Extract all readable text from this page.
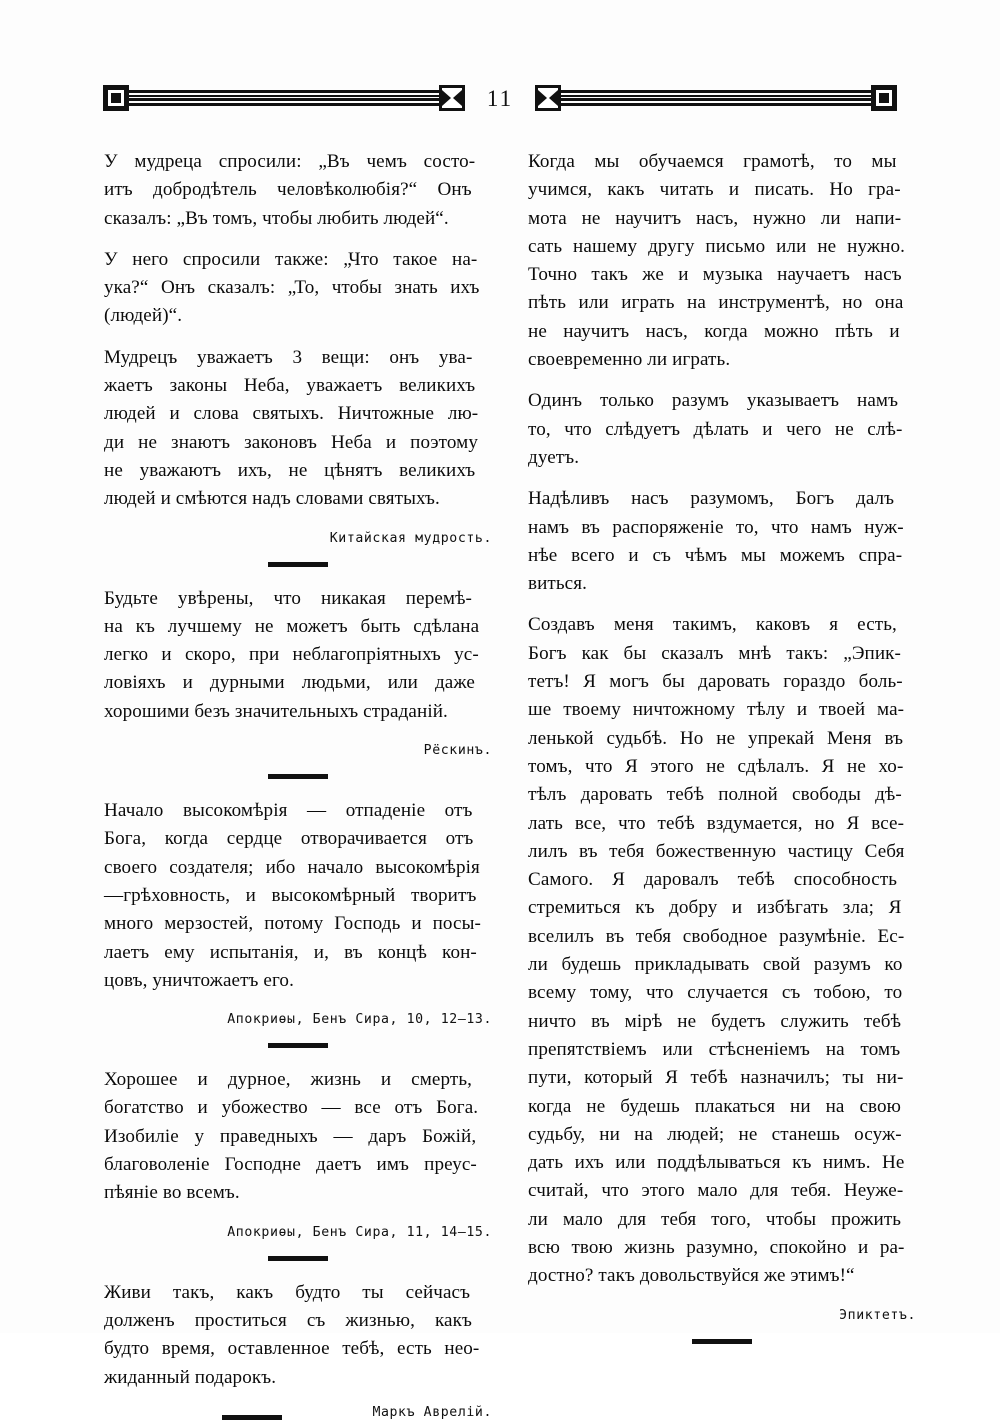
11
У мудреца спросили: „Въ чемъ состо-
итъ добродѣтель человѣколюбія?“ Онъ
сказалъ: „Въ томъ, чтобы любить людей“.
У него спросили также: „Что такое на-
ука?“ Онъ сказалъ: „То, чтобы знать ихъ
(людей)“.
Мудрецъ уважаетъ 3 вещи: онъ ува-
жаетъ законы Неба, уважаетъ великихъ
людей и слова святыхъ. Ничтожные лю-
ди не знаютъ законовъ Неба и поэтому
не уважаютъ ихъ, не цѣнятъ великихъ
людей и смѣются надъ словами святыхъ.
Китайская мудрость.
Будьте увѣрены, что никакая перемѣ-
на къ лучшему не можетъ быть сдѣлана
легко и скоро, при неблагопріятныхъ ус-
ловіяхъ и дурными людьми, или даже
хорошими безъ значительныхъ страданій.
Рёскинъ.
Начало высокомѣрія — отпаденіе отъ
Бога, когда сердце отворачивается отъ
своего создателя; ибо начало высокомѣрія
—грѣховность, и высокомѣрный творитъ
много мерзостей, потому Господь и посы-
лаетъ ему испытанія, и, въ концѣ кон-
цовъ, уничтожаетъ его.
Апокриѳы, Бенъ Сира, 10, 12—13.
Хорошее и дурное, жизнь и смерть,
богатство и убожество — все отъ Бога.
Изобиліе у праведныхъ — даръ Божій,
благоволеніе Господне даетъ имъ преус-
пѣяніе во всемъ.
Апокриѳы, Бенъ Сира, 11, 14—15.
Живи такъ, какъ будто ты сейчасъ
долженъ проститься съ жизнью, какъ
будто время, оставленное тебѣ, есть нео-
жиданный подарокъ.
Маркъ Аврелій.
Когда мы обучаемся грамотѣ, то мы
учимся, какъ читать и писать. Но гра-
мота не научитъ насъ, нужно ли напи-
сать нашему другу письмо или не нужно.
Точно такъ же и музыка научаетъ насъ
пѣть или играть на инструментѣ, но она
не научитъ насъ, когда можно пѣть и
своевременно ли играть.
Одинъ только разумъ указываетъ намъ
то, что слѣдуетъ дѣлать и чего не слѣ-
дуетъ.
Надѣливъ насъ разумомъ, Богъ далъ
намъ въ распоряженіе то, что намъ нуж-
нѣе всего и съ чѣмъ мы можемъ спра-
виться.
Создавъ меня такимъ, каковъ я есть,
Богъ как бы сказалъ мнѣ такъ: „Эпик-
тетъ! Я могъ бы даровать гораздо боль-
ше твоему ничтожному тѣлу и твоей ма-
ленькой судьбѣ. Но не упрекай Меня въ
томъ, что Я этого не сдѣлалъ. Я не хо-
тѣлъ даровать тебѣ полной свободы дѣ-
лать все, что тебѣ вздумается, но Я все-
лилъ въ тебя божественную частицу Себя
Самого. Я даровалъ тебѣ способность
стремиться къ добру и избѣгать зла; Я
вселилъ въ тебя свободное разумѣніе. Ес-
ли будешь прикладывать свой разумъ ко
всему тому, что случается съ тобою, то
ничто въ мірѣ не будетъ служить тебѣ
препятствіемъ или стѣсненіемъ на томъ
пути, который Я тебѣ назначилъ; ты ни-
когда не будешь плакаться ни на свою
судьбу, ни на людей; не станешь осуж-
дать ихъ или поддѣлываться къ нимъ. Не
считай, что этого мало для тебя. Неуже-
ли мало для тебя того, чтобы прожить
всю твою жизнь разумно, спокойно и ра-
достно? такъ довольствуйся же этимъ!“
Эпиктетъ.
